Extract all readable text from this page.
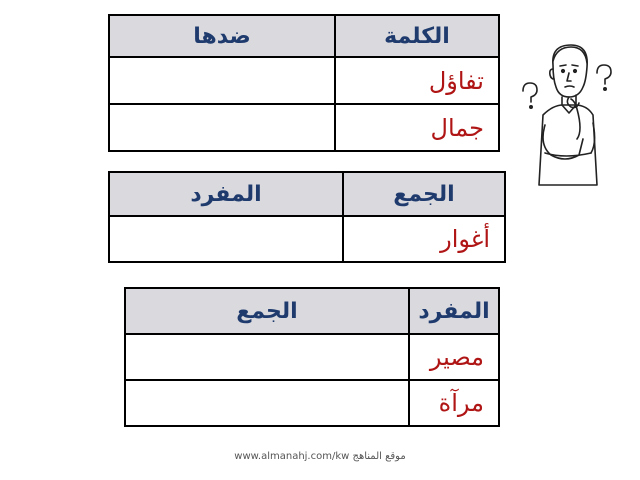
ضدها	الكلمة
	تفاؤل
	جمال
المفرد	الجمع
	أغوار
الجمع	المفرد
	مصير
	مرآة
www.almanahj.com/kw موقع المناهج
